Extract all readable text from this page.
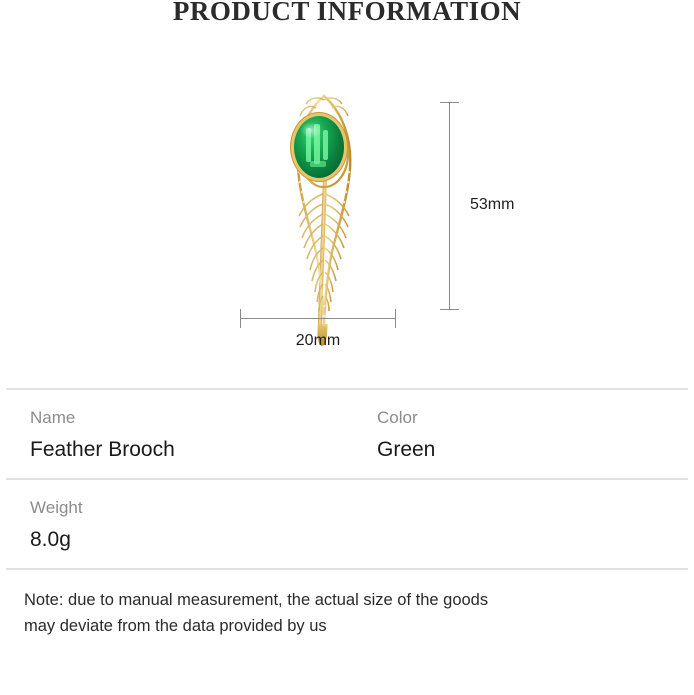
PRODUCT INFORMATION
53mm
20mm
Name
Feather Brooch
Color
Green
Weight
8.0g
Note: due to manual measurement, the actual size of the goods
may deviate from the data provided by us
